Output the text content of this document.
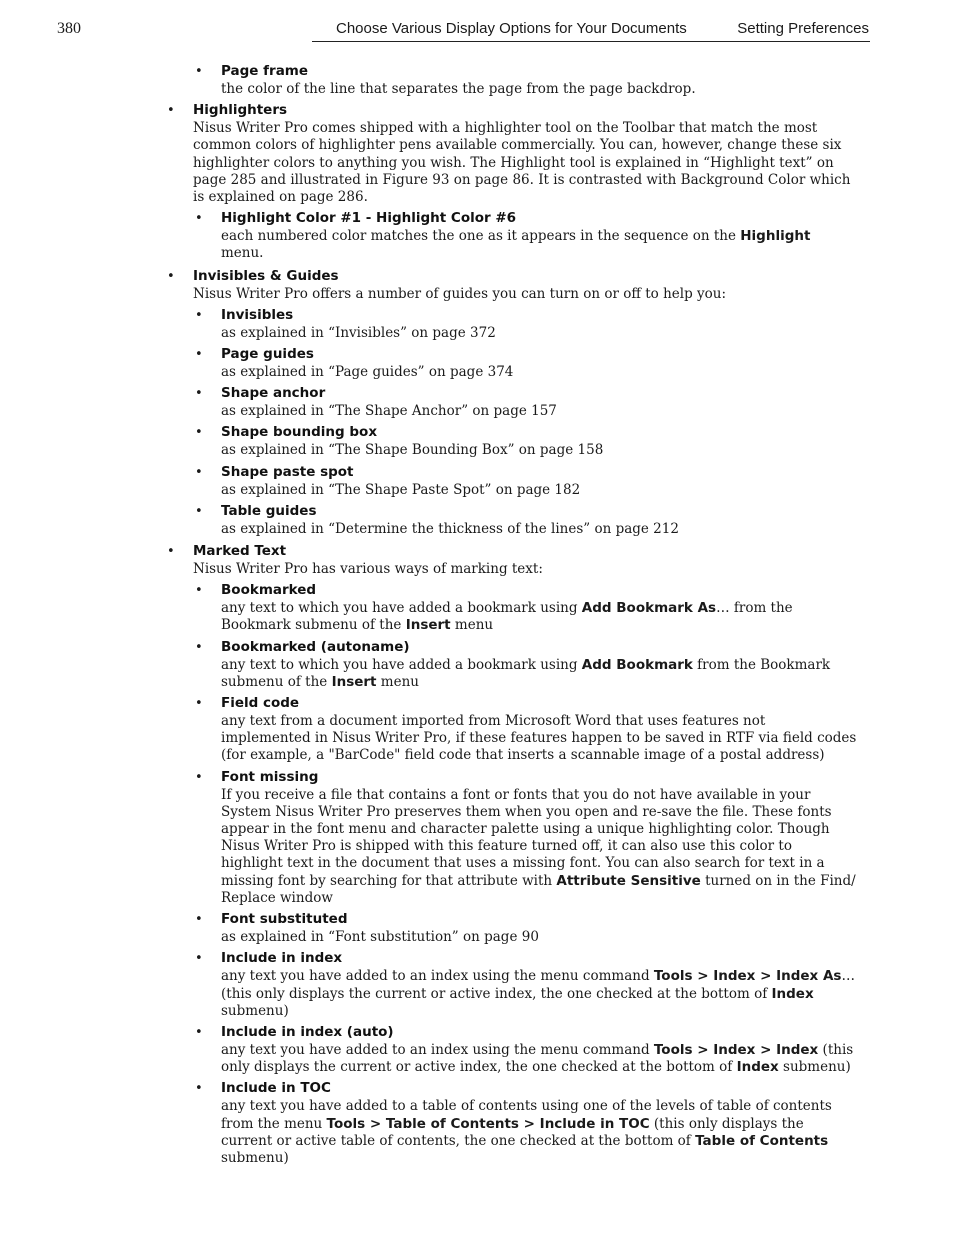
380	Choose Various Display Options for Your Documents	Setting Preferences
• Page frame
the color of the line that separates the page from the page backdrop.
• Highlighters
Nisus Writer Pro comes shipped with a highlighter tool on the Toolbar that match the most common colors of highlighter pens available commercially. You can, however, change these six highlighter colors to anything you wish. The Highlight tool is explained in “Highlight text” on page 285 and illustrated in Figure 93 on page 86. It is contrasted with Background Color which is explained on page 286.
• Highlight Color #1 - Highlight Color #6
each numbered color matches the one as it appears in the sequence on the Highlight menu.
• Invisibles & Guides
Nisus Writer Pro offers a number of guides you can turn on or off to help you:
• Invisibles
as explained in “Invisibles” on page 372
• Page guides
as explained in “Page guides” on page 374
• Shape anchor
as explained in “The Shape Anchor” on page 157
• Shape bounding box
as explained in “The Shape Bounding Box” on page 158
• Shape paste spot
as explained in “The Shape Paste Spot” on page 182
• Table guides
as explained in “Determine the thickness of the lines” on page 212
• Marked Text
Nisus Writer Pro has various ways of marking text:
• Bookmarked
any text to which you have added a bookmark using Add Bookmark As… from the Bookmark submenu of the Insert menu
• Bookmarked (autoname)
any text to which you have added a bookmark using Add Bookmark from the Bookmark submenu of the Insert menu
• Field code
any text from a document imported from Microsoft Word that uses features not implemented in Nisus Writer Pro, if these features happen to be saved in RTF via field codes (for example, a "BarCode" field code that inserts a scannable image of a postal address)
• Font missing
If you receive a file that contains a font or fonts that you do not have available in your System Nisus Writer Pro preserves them when you open and re-save the file. These fonts appear in the font menu and character palette using a unique highlighting color. Though Nisus Writer Pro is shipped with this feature turned off, it can also use this color to highlight text in the document that uses a missing font. You can also search for text in a missing font by searching for that attribute with Attribute Sensitive turned on in the Find/ Replace window
• Font substituted
as explained in “Font substitution” on page 90
• Include in index
any text you have added to an index using the menu command Tools > Index > Index As… (this only displays the current or active index, the one checked at the bottom of Index submenu)
• Include in index (auto)
any text you have added to an index using the menu command Tools > Index > Index (this only displays the current or active index, the one checked at the bottom of Index submenu)
• Include in TOC
any text you have added to a table of contents using one of the levels of table of contents from the menu Tools > Table of Contents > Include in TOC (this only displays the current or active table of contents, the one checked at the bottom of Table of Contents submenu)
